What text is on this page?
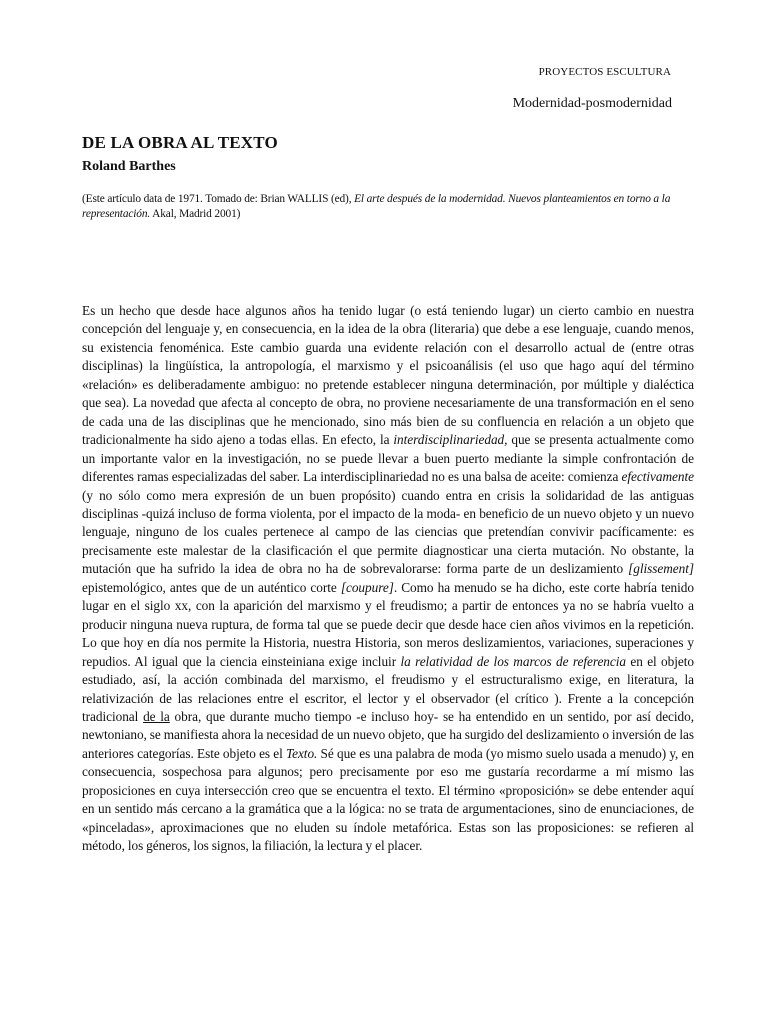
PROYECTOS ESCULTURA
Modernidad-posmodernidad
DE LA OBRA AL TEXTO
Roland Barthes

(Este artículo data de 1971. Tomado de: Brian WALLIS (ed), El arte después de la modernidad. Nuevos planteamientos en torno a la representación. Akal, Madrid 2001)

Es un hecho que desde hace algunos años ha tenido lugar (o está teniendo lugar) un cierto cambio en nuestra concepción del lenguaje y, en consecuencia, en la idea de la obra (literaria) que debe a ese lenguaje, cuando menos, su existencia fenoménica. Este cambio guarda una evidente relación con el desarrollo actual de (entre otras disciplinas) la lingüística, la antropología, el marxismo y el psicoanálisis (el uso que hago aquí del término «relación» es deliberadamente ambiguo: no pretende establecer ninguna determinación, por múltiple y dialéctica que sea). La novedad que afecta al concepto de obra, no proviene necesariamente de una transformación en el seno de cada una de las disciplinas que he mencionado, sino más bien de su confluencia en relación a un objeto que tradicionalmente ha sido ajeno a todas ellas. En efecto, la interdisciplinariedad, que se presenta actualmente como un importante valor en la investigación, no se puede llevar a buen puerto mediante la simple confrontación de diferentes ramas especializadas del saber. La interdisciplinariedad no es una balsa de aceite: comienza efectivamente (y no sólo como mera expresión de un buen propósito) cuando entra en crisis la solidaridad de las antiguas disciplinas -quizá incluso de forma violenta, por el impacto de la moda- en beneficio de un nuevo objeto y un nuevo lenguaje, ninguno de los cuales pertenece al campo de las ciencias que pretendían convivir pacíficamente: es precisamente este malestar de la clasificación el que permite diagnosticar una cierta mutación. No obstante, la mutación que ha sufrido la idea de obra no ha de sobrevalorarse: forma parte de un deslizamiento [glissement] epistemológico, antes que de un auténtico corte [coupure]. Como ha menudo se ha dicho, este corte habría tenido lugar en el siglo xx, con la aparición del marxismo y el freudismo; a partir de entonces ya no se habría vuelto a producir ninguna nueva ruptura, de forma tal que se puede decir que desde hace cien años vivimos en la repetición. Lo que hoy en día nos permite la Historia, nuestra Historia, son meros deslizamientos, variaciones, superaciones y repudios. Al igual que la ciencia einsteiniana exige incluir la relatividad de los marcos de referencia en el objeto estudiado, así, la acción combinada del marxismo, el freudismo y el estructuralismo exige, en literatura, la relativización de las relaciones entre el escritor, el lector y el observador (el crítico ). Frente a la concepción tradicional de la obra, que durante mucho tiempo -e incluso hoy- se ha entendido en un sentido, por así decido, newtoniano, se manifiesta ahora la necesidad de un nuevo objeto, que ha surgido del deslizamiento o inversión de las anteriores categorías. Este objeto es el Texto. Sé que es una palabra de moda (yo mismo suelo usada a menudo) y, en consecuencia, sospechosa para algunos; pero precisamente por eso me gustaría recordarme a mí mismo las proposiciones en cuya intersección creo que se encuentra el texto. El término «proposición» se debe entender aquí en un sentido más cercano a la gramática que a la lógica: no se trata de argumentaciones, sino de enunciaciones, de «pinceladas», aproximaciones que no eluden su índole metafórica. Estas son las proposiciones: se refieren al método, los géneros, los signos, la filiación, la lectura y el placer.
